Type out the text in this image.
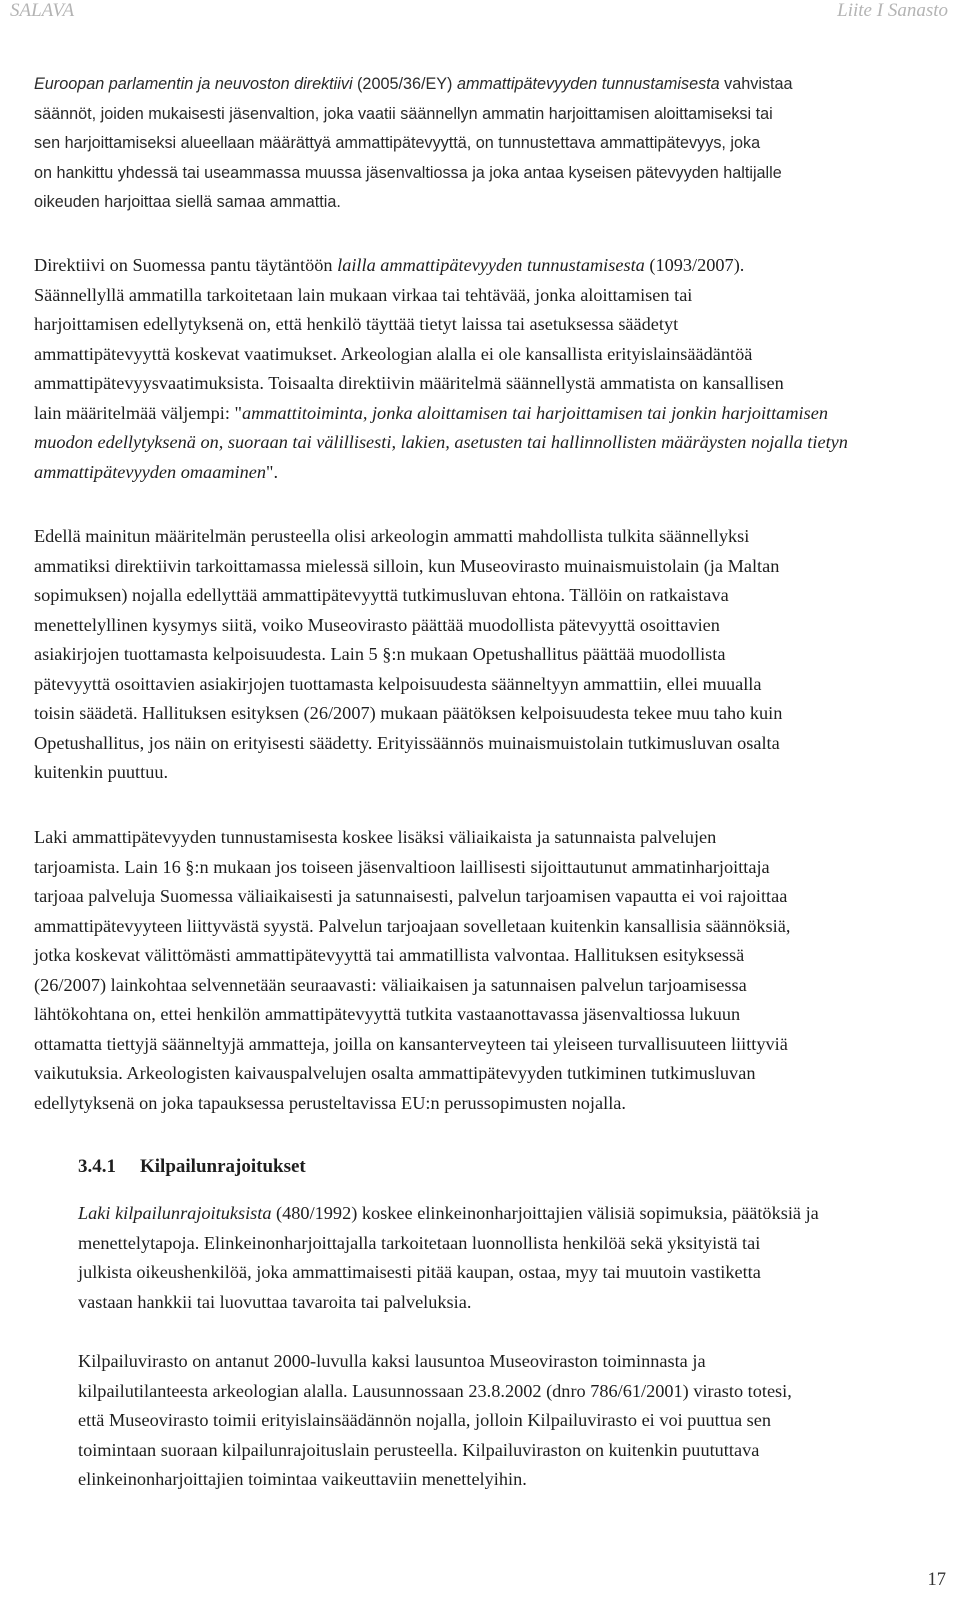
SALAVA	Liite I Sanasto
Euroopan parlamentin ja neuvoston direktiivi (2005/36/EY) ammattipätevyyden tunnustamisesta vahvistaa
säännöt, joiden mukaisesti jäsenvaltion, joka vaatii säännellyn ammatin harjoittamisen aloittamiseksi tai
sen harjoittamiseksi alueellaan määrättyä ammattipätevyyttä, on tunnustettava ammattipätevyys, joka
on hankittu yhdessä tai useammassa muussa jäsenvaltiossa ja joka antaa kyseisen pätevyyden haltijalle
oikeuden harjoittaa siellä samaa ammattia.
Direktiivi on Suomessa pantu täytäntöön lailla ammattipätevyyden tunnustamisesta (1093/2007).
Säännellyllä ammatilla tarkoitetaan lain mukaan virkaa tai tehtävää, jonka aloittamisen tai
harjoittamisen edellytyksenä on, että henkilö täyttää tietyt laissa tai asetuksessa säädetyt
ammattipätevyyttä koskevat vaatimukset. Arkeologian alalla ei ole kansallista erityislainsäädäntöä
ammattipätevyysvaatimuksista. Toisaalta direktiivin määritelmä säännellystä ammatista on kansallisen
lain määritelmää väljempi: "ammattitoiminta, jonka aloittamisen tai harjoittamisen tai jonkin harjoittamisen
muodon edellytyksenä on, suoraan tai välillisesti, lakien, asetusten tai hallinnollisten määräysten nojalla tietyn
ammattipätevyyden omaaminen".
Edellä mainitun määritelmän perusteella olisi arkeologin ammatti mahdollista tulkita säännellyksi
ammatiksi direktiivin tarkoittamassa mielessä silloin, kun Museovirasto muinaismuistolain (ja Maltan
sopimuksen) nojalla edellyttää ammattipätevyyttä tutkimusluvan ehtona. Tällöin on ratkaistava
menettelyllinen kysymys siitä, voiko Museovirasto päättää muodollista pätevyyttä osoittavien
asiakirjojen tuottamasta kelpoisuudesta. Lain 5 §:n mukaan Opetushallitus päättää muodollista
pätevyyttä osoittavien asiakirjojen tuottamasta kelpoisuudesta säänneltyyn ammattiin, ellei muualla
toisin säädetä. Hallituksen esityksen (26/2007) mukaan päätöksen kelpoisuudesta tekee muu taho kuin
Opetushallitus, jos näin on erityisesti säädetty. Erityissäännös muinaismuistolain tutkimusluvan osalta
kuitenkin puuttuu.
Laki ammattipätevyyden tunnustamisesta koskee lisäksi väliaikaista ja satunnaista palvelujen
tarjoamista. Lain 16 §:n mukaan jos toiseen jäsenvaltioon laillisesti sijoittautunut ammatinharjoittaja
tarjoaa palveluja Suomessa väliaikaisesti ja satunnaisesti, palvelun tarjoamisen vapautta ei voi rajoittaa
ammattipätevyyteen liittyvästä syystä. Palvelun tarjoajaan sovelletaan kuitenkin kansallisia säännöksiä,
jotka koskevat välittömästi ammattipätevyyttä tai ammatillista valvontaa. Hallituksen esityksessä
(26/2007) lainkohtaa selvennetään seuraavasti: väliaikaisen ja satunnaisen palvelun tarjoamisessa
lähtökohtana on, ettei henkilön ammattipätevyyttä tutkita vastaanottavassa jäsenvaltiossa lukuun
ottamatta tiettyjä säänneltyjä ammatteja, joilla on kansanterveyteen tai yleiseen turvallisuuteen liittyviä
vaikutuksia. Arkeologisten kaivauspalvelujen osalta ammattipätevyyden tutkiminen tutkimusluvan
edellytyksenä on joka tapauksessa perusteltavissa EU:n perussopimusten nojalla.
3.4.1 Kilpailunrajoitukset
Laki kilpailunrajoituksista (480/1992) koskee elinkeinonharjoittajien välisiä sopimuksia, päätöksiä ja
menettelytapoja. Elinkeinonharjoittajalla tarkoitetaan luonnollista henkilöä sekä yksityistä tai
julkista oikeushenkilöä, joka ammattimaisesti pitää kaupan, ostaa, myy tai muutoin vastiketta
vastaan hankkii tai luovuttaa tavaroita tai palveluksia.
Kilpailuvirasto on antanut 2000-luvulla kaksi lausuntoa Museoviraston toiminnasta ja
kilpailutilanteesta arkeologian alalla. Lausunnossaan 23.8.2002 (dnro 786/61/2001) virasto totesi,
että Museovirasto toimii erityislainsäädännön nojalla, jolloin Kilpailuvirasto ei voi puuttua sen
toimintaan suoraan kilpailunrajoituslain perusteella. Kilpailuviraston on kuitenkin puututtava
elinkeinonharjoittajien toimintaa vaikeuttaviin menettelyihin.
17
